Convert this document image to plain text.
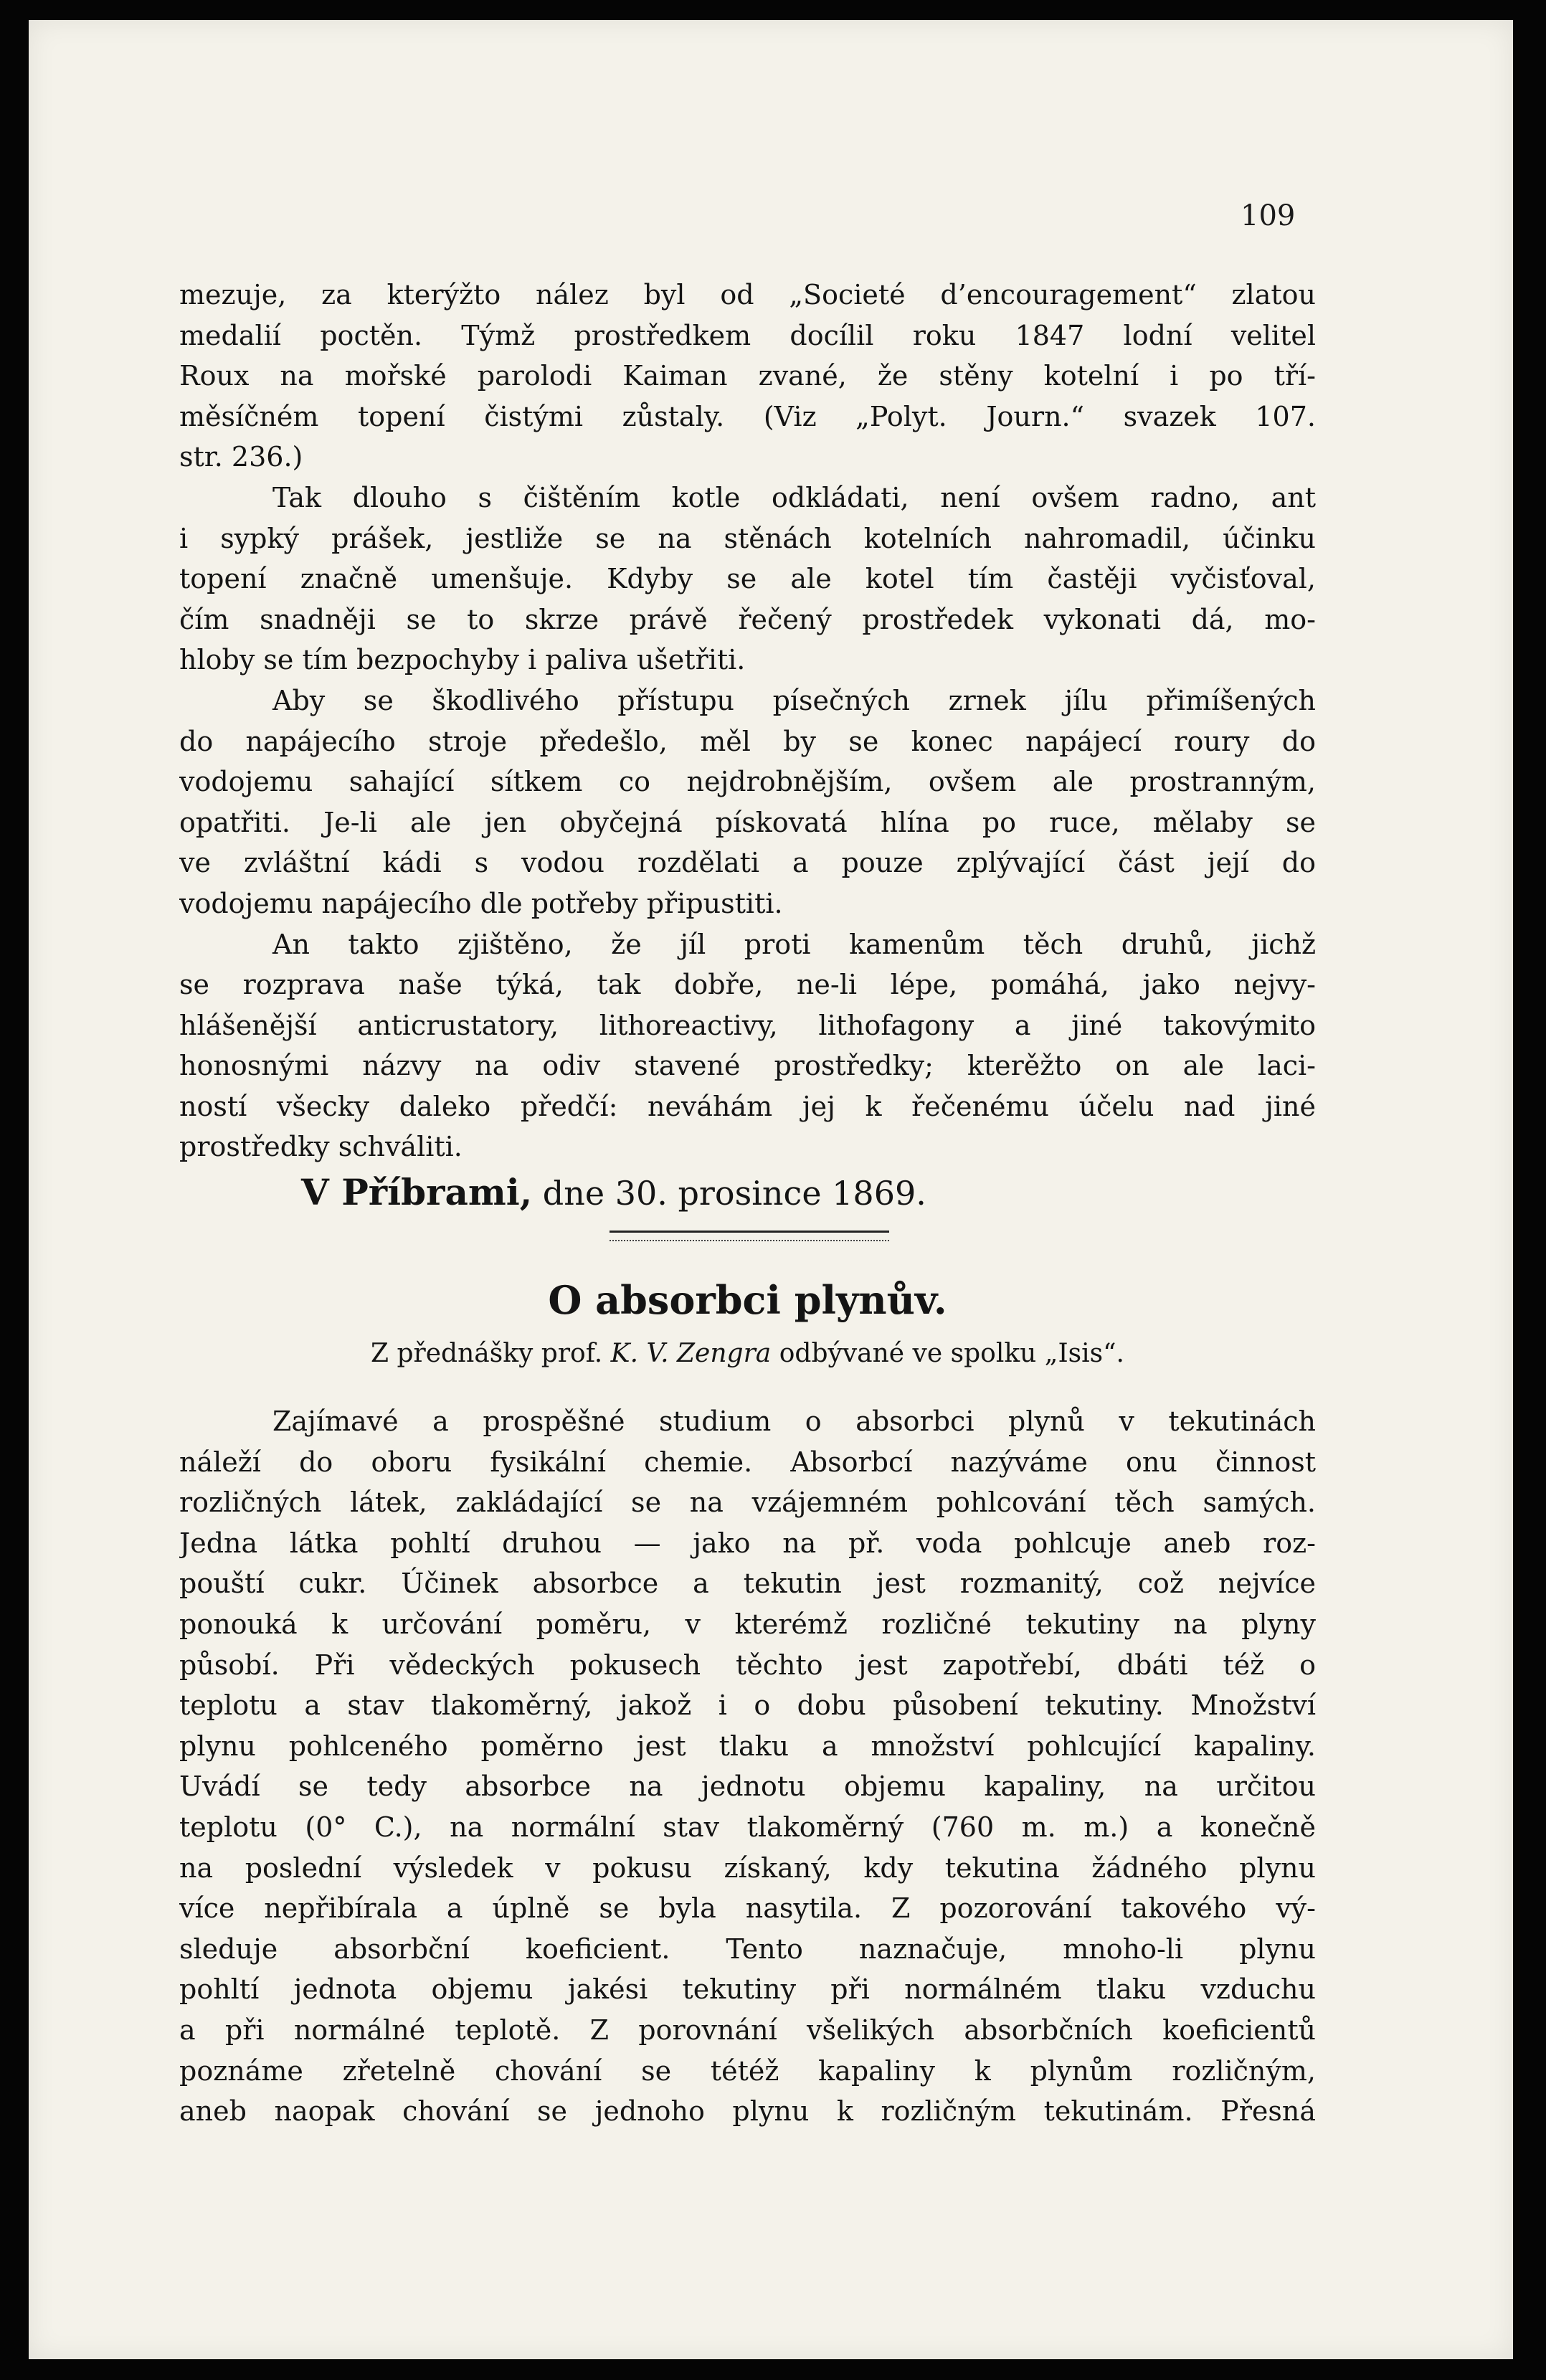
109
mezuje, za kterýžto nález byl od „Societé d’encouragement“ zlatou
medalií poctěn. Týmž prostředkem docílil roku 1847 lodní velitel
Roux na mořské parolodi Kaiman zvané, že stěny kotelní i po tří-
měsíčném topení čistými zůstaly. (Viz „Polyt. Journ.“ svazek 107.
str. 236.)
Tak dlouho s čištěním kotle odkládati, není ovšem radno, ant
i sypký prášek, jestliže se na stěnách kotelních nahromadil, účinku
topení značně umenšuje. Kdyby se ale kotel tím častěji vyčisťoval,
čím snadněji se to skrze právě řečený prostředek vykonati dá, mo-
hloby se tím bezpochyby i paliva ušetřiti.
Aby se škodlivého přístupu písečných zrnek jílu přimíšených
do napájecího stroje předešlo, měl by se konec napájecí roury do
vodojemu sahající sítkem co nejdrobnějším, ovšem ale prostranným,
opatřiti. Je-li ale jen obyčejná pískovatá hlína po ruce, mělaby se
ve zvláštní kádi s vodou rozdělati a pouze zplývající část její do
vodojemu napájecího dle potřeby připustiti.
An takto zjištěno, že jíl proti kamenům těch druhů, jichž
se rozprava naše týká, tak dobře, ne-li lépe, pomáhá, jako nejvy-
hlášenější anticrustatory, lithoreactivy, lithofagony a jiné takovýmito
honosnými názvy na odiv stavené prostředky; kterěžto on ale laci-
ností všecky daleko předčí: neváhám jej k řečenému účelu nad jiné
prostředky schváliti.
V Příbrami, dne 30. prosince 1869.
O absorbci plynův.
Z přednášky prof. K. V. Zengra odbývané ve spolku „Isis“.
Zajímavé a prospěšné studium o absorbci plynů v tekutinách
náleží do oboru fysikální chemie. Absorbcí nazýváme onu činnost
rozličných látek, zakládající se na vzájemném pohlcování těch samých.
Jedna látka pohltí druhou — jako na př. voda pohlcuje aneb roz-
pouští cukr. Účinek absorbce a tekutin jest rozmanitý, což nejvíce
ponouká k určování poměru, v kterémž rozličné tekutiny na plyny
působí. Při vědeckých pokusech těchto jest zapotřebí, dbáti též o
teplotu a stav tlakoměrný, jakož i o dobu působení tekutiny. Množství
plynu pohlceného poměrno jest tlaku a množství pohlcující kapaliny.
Uvádí se tedy absorbce na jednotu objemu kapaliny, na určitou
teplotu (0° C.), na normální stav tlakoměrný (760 m. m.) a konečně
na poslední výsledek v pokusu získaný, kdy tekutina žádného plynu
více nepřibírala a úplně se byla nasytila. Z pozorování takového vý-
sleduje absorbční koeficient. Tento naznačuje, mnoho-li plynu
pohltí jednota objemu jakési tekutiny při normálném tlaku vzduchu
a při normálné teplotě. Z porovnání všelikých absorbčních koeficientů
poznáme zřetelně chování se tétéž kapaliny k plynům rozličným,
aneb naopak chování se jednoho plynu k rozličným tekutinám. Přesná
